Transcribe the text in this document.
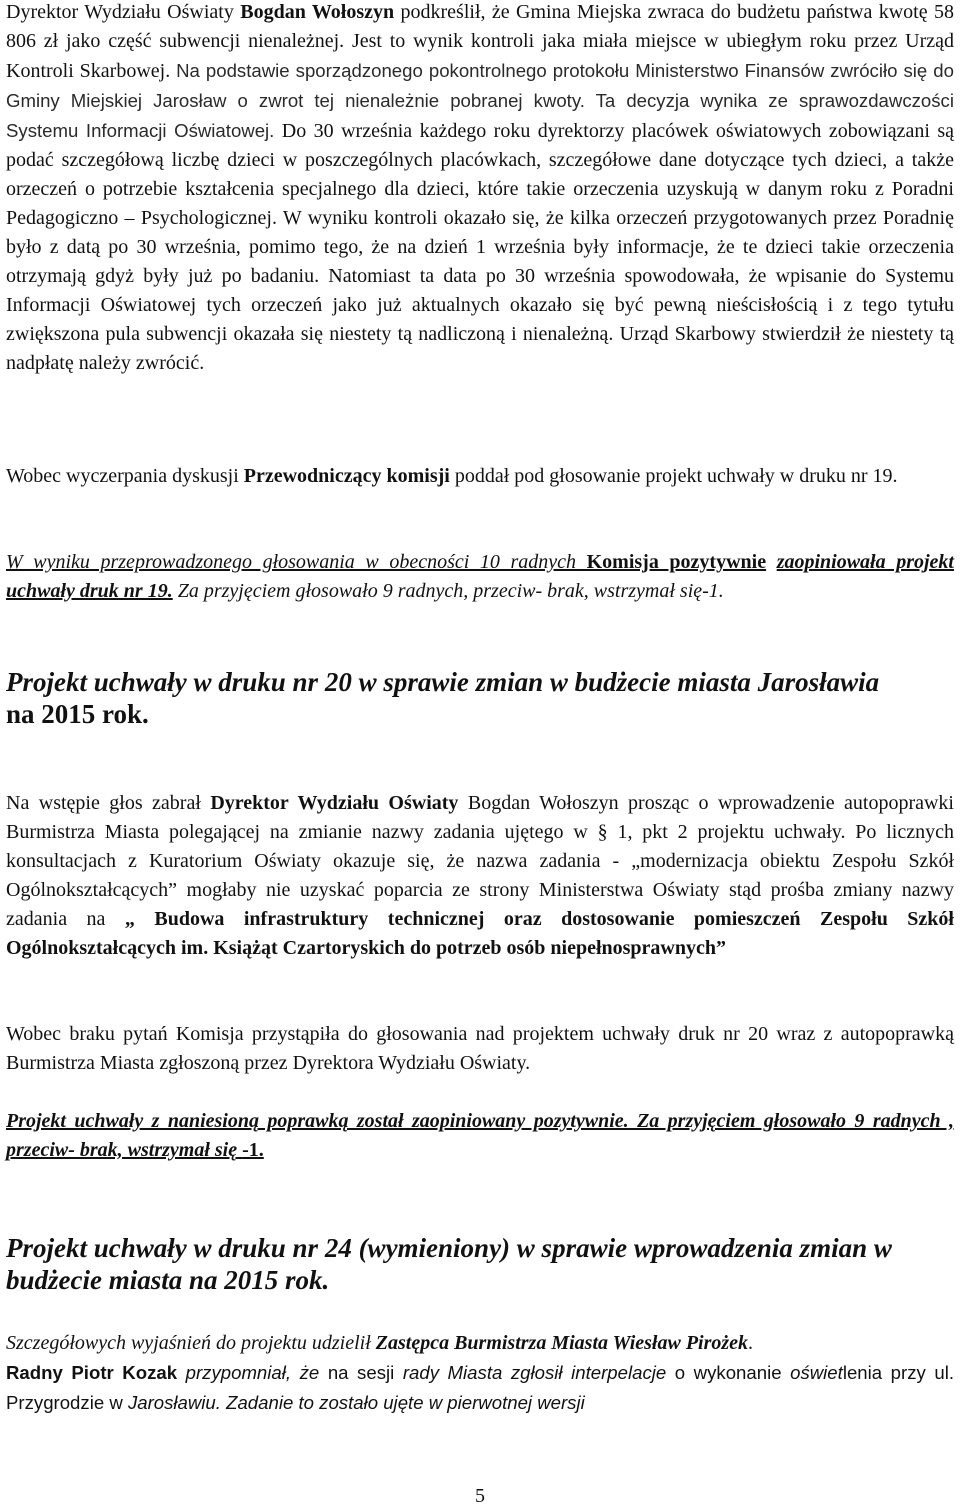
Dyrektor Wydziału Oświaty Bogdan Wołoszyn podkreślił, że Gmina Miejska zwraca do budżetu państwa kwotę 58 806 zł jako część subwencji nienależnej. Jest to wynik kontroli jaka miała miejsce w ubiegłym roku przez Urząd Kontroli Skarbowej. Na podstawie sporządzonego pokontrolnego protokołu Ministerstwo Finansów zwróciło się do Gminy Miejskiej Jarosław o zwrot tej nienależnie pobranej kwoty. Ta decyzja wynika ze sprawozdawczości Systemu Informacji Oświatowej. Do 30 września każdego roku dyrektorzy placówek oświatowych zobowiązani są podać szczegółową liczbę dzieci w poszczególnych placówkach, szczegółowe dane dotyczące tych dzieci, a także orzeczeń o potrzebie kształcenia specjalnego dla dzieci, które takie orzeczenia uzyskują w danym roku z Poradni Pedagogiczno – Psychologicznej. W wyniku kontroli okazało się, że kilka orzeczeń przygotowanych przez Poradnię było z datą po 30 września, pomimo tego, że na dzień 1 września były informacje, że te dzieci takie orzeczenia otrzymają gdyż były już po badaniu. Natomiast ta data po 30 września spowodowała, że wpisanie do Systemu Informacji Oświatowej tych orzeczeń jako już aktualnych okazało się być pewną nieścisłością i z tego tytułu zwiększona pula subwencji okazała się niestety tą nadliczoną i nienależną. Urząd Skarbowy stwierdził że niestety tą nadpłatę należy zwrócić.

Wobec wyczerpania dyskusji Przewodniczący komisji poddał pod głosowanie projekt uchwały w druku nr 19.

W wyniku przeprowadzonego głosowania w obecności 10 radnych Komisja pozytywnie zaopiniowała projekt uchwały druk nr 19. Za przyjęciem głosowało 9 radnych, przeciw- brak, wstrzymał się-1.

Projekt uchwały w druku nr 20 w sprawie zmian w budżecie miasta Jarosławia
na 2015 rok.

Na wstępie głos zabrał Dyrektor Wydziału Oświaty Bogdan Wołoszyn prosząc o wprowadzenie autopoprawki Burmistrza Miasta polegającej na zmianie nazwy zadania ujętego w § 1, pkt 2 projektu uchwały. Po licznych konsultacjach z Kuratorium Oświaty okazuje się, że nazwa zadania - „modernizacja obiektu Zespołu Szkół Ogólnokształcących” mogłaby nie uzyskać poparcia ze strony Ministerstwa Oświaty stąd prośba zmiany nazwy zadania na „ Budowa infrastruktury technicznej oraz dostosowanie pomieszczeń Zespołu Szkół Ogólnokształcących im. Książąt Czartoryskich do potrzeb osób niepełnosprawnych”

Wobec braku pytań Komisja przystąpiła do głosowania nad projektem uchwały druk nr 20 wraz z autopoprawką Burmistrza Miasta zgłoszoną przez Dyrektora Wydziału Oświaty.

Projekt uchwały z naniesioną poprawką został zaopiniowany pozytywnie. Za przyjęciem głosowało 9 radnych , przeciw- brak, wstrzymał się -1.

Projekt uchwały w druku nr 24 (wymieniony) w sprawie wprowadzenia zmian w budżecie miasta na 2015 rok.

Szczegółowych wyjaśnień do projektu udzielił Zastępca Burmistrza Miasta Wiesław Pirożek.
Radny Piotr Kozak przypomniał, że na sesji rady Miasta zgłosił interpelacje o wykonanie oświetlenia przy ul. Przygrodzie w Jarosławiu. Zadanie to zostało ujęte w pierwotnej wersji

5
